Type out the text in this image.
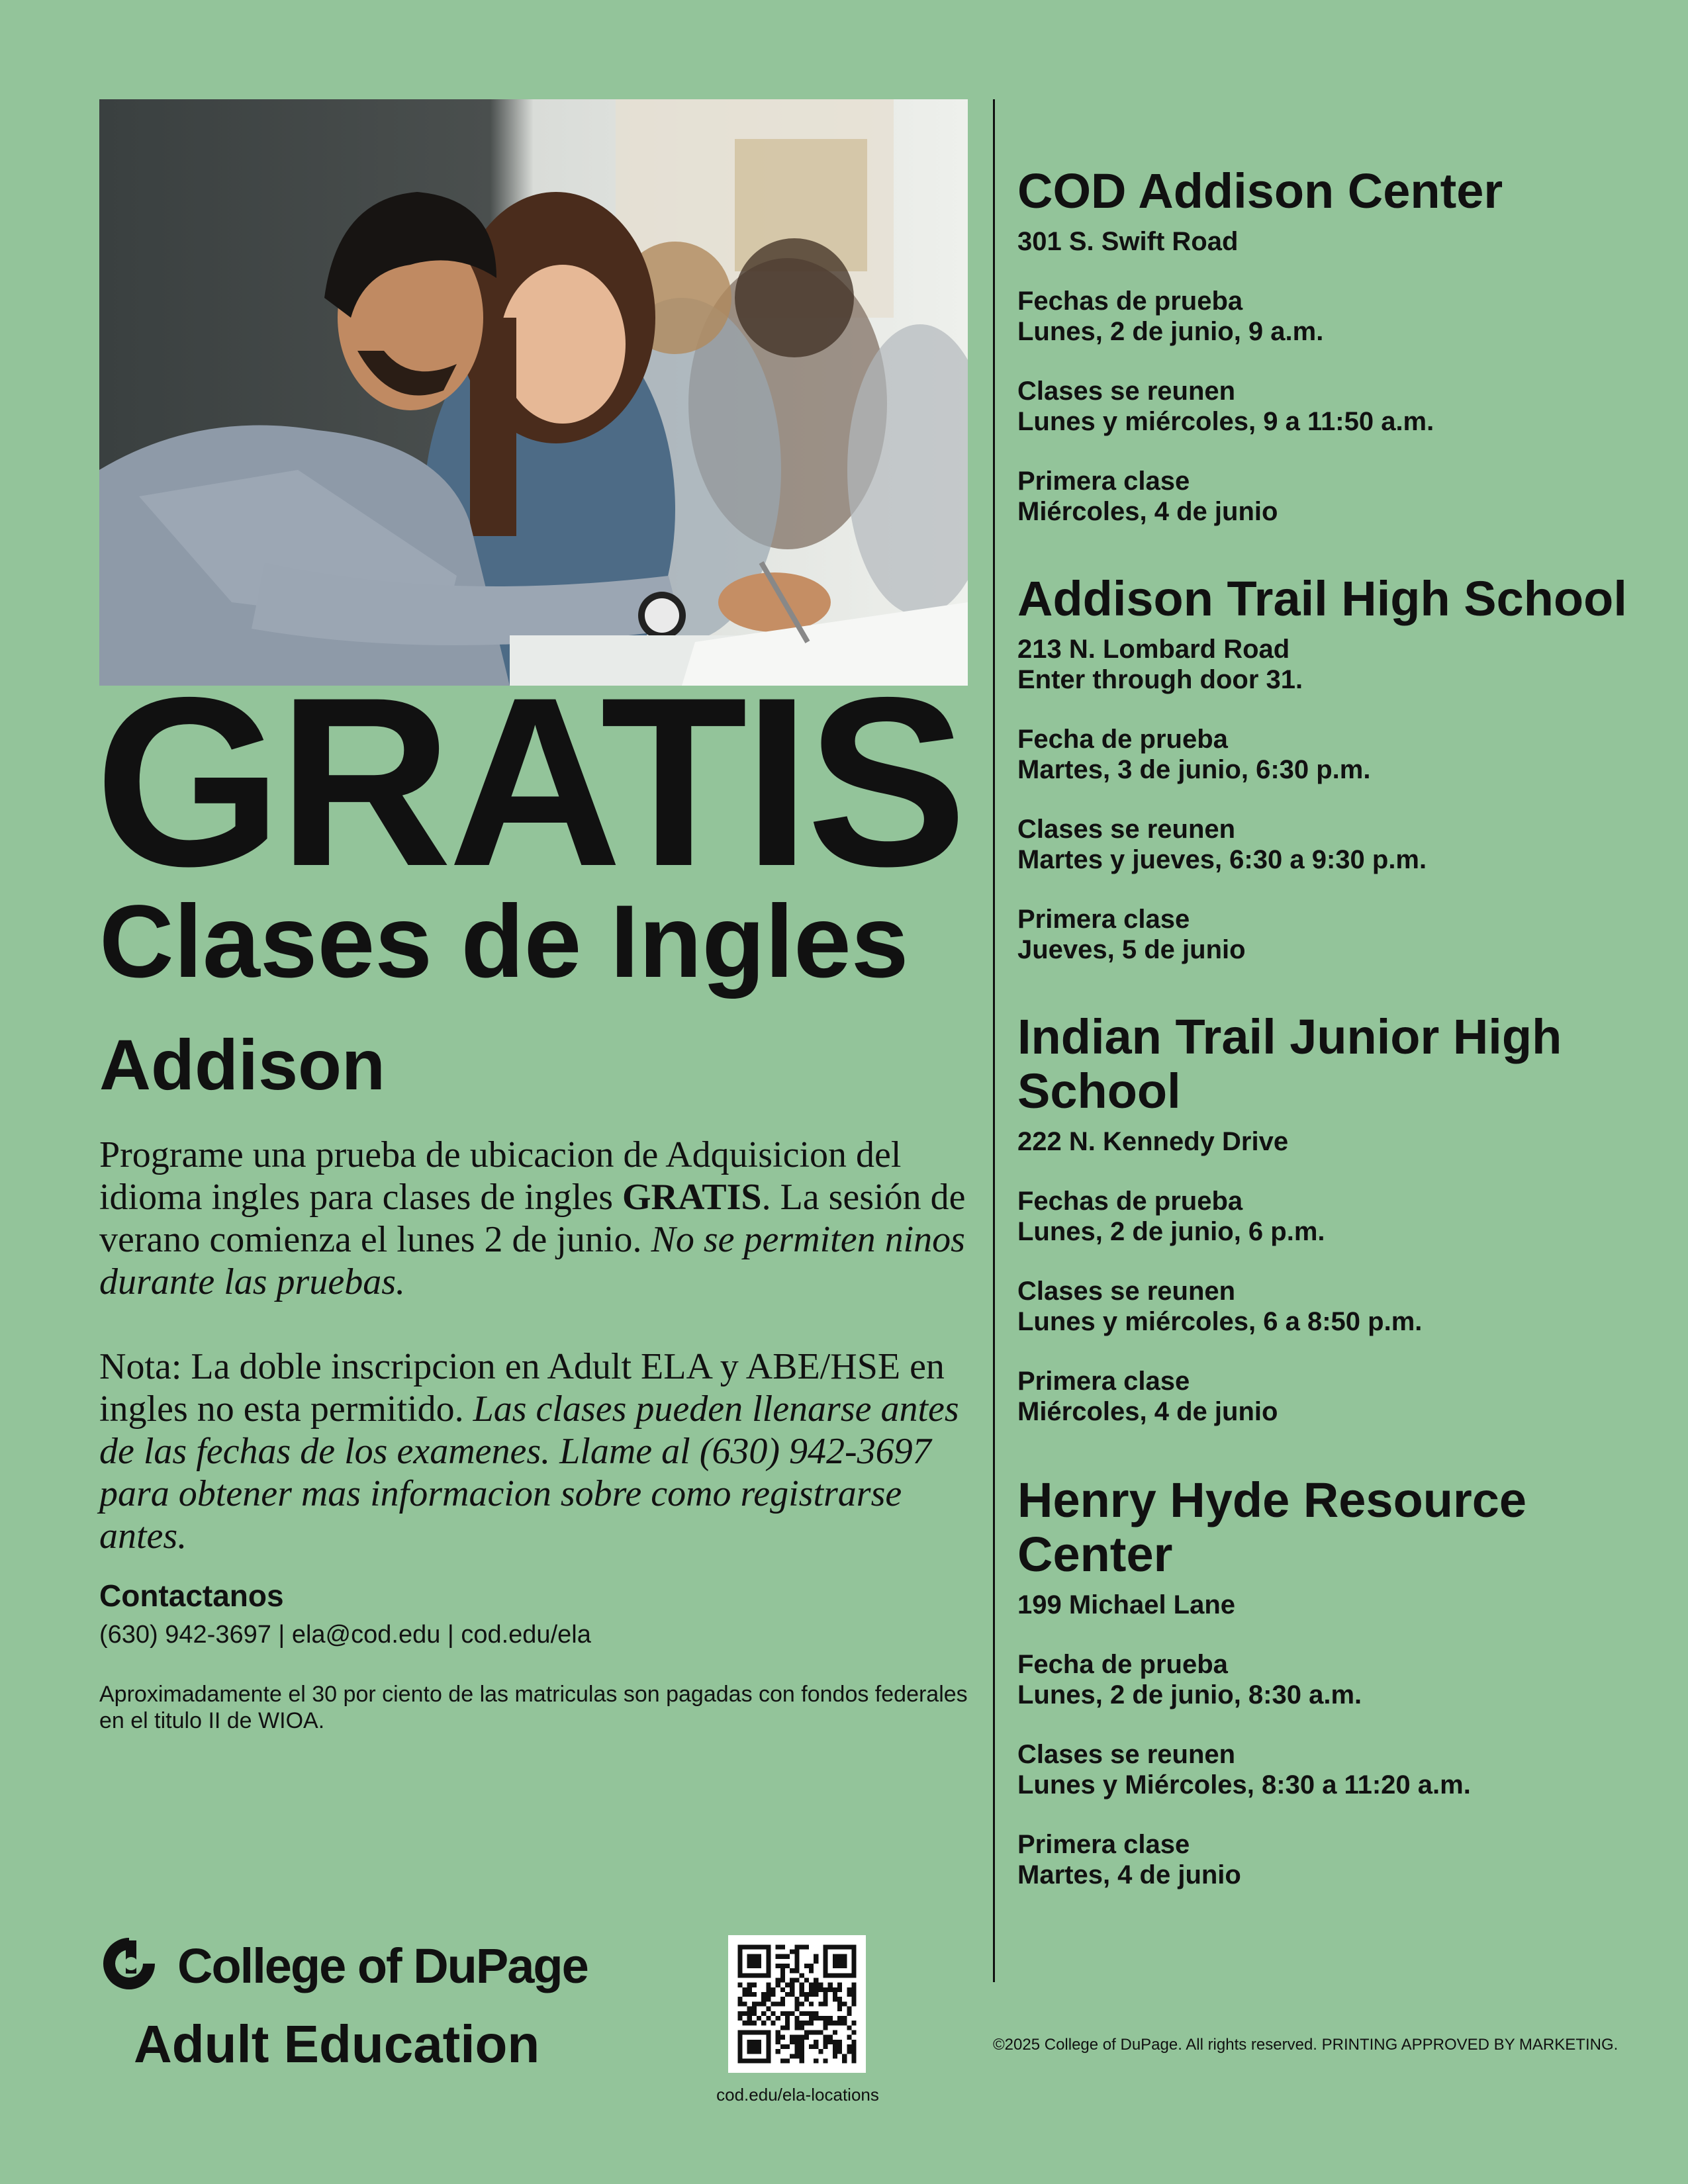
GRATIS
Clases de Ingles
Addison

Programe una prueba de ubicacion de Adquisicion del idioma ingles para clases de ingles GRATIS. La sesión de verano comienza el lunes 2 de junio. No se permiten ninos durante las pruebas.

Nota: La doble inscripcion en Adult ELA y ABE/HSE en ingles no esta permitido. Las clases pueden llenarse antes de las fechas de los examenes. Llame al (630) 942-3697 para obtener mas informacion sobre como registrarse antes.

Contactanos

(630) 942-3697 | ela@cod.edu | cod.edu/ela

Aproximadamente el 30 por ciento de las matriculas son pagadas con fondos federales en el titulo II de WIOA.

COD Addison Center

301 S. Swift Road

Fechas de prueba

Lunes, 2 de junio, 9 a.m.

Clases se reunen

Lunes y miércoles, 9 a 11:50 a.m.

Primera clase

Miércoles, 4 de junio

Addison Trail High School

213 N. Lombard Road

Enter through door 31.

Fecha de prueba

Martes, 3 de junio, 6:30 p.m.

Clases se reunen

Martes y jueves, 6:30 a 9:30 p.m.

Primera clase

Jueves, 5 de junio

Indian Trail Junior High School

222 N. Kennedy Drive

Fechas de prueba

Lunes, 2 de junio, 6 p.m.

Clases se reunen

Lunes y miércoles, 6 a 8:50 p.m.

Primera clase

Miércoles, 4 de junio

Henry Hyde Resource Center

199 Michael Lane

Fecha de prueba

Lunes, 2 de junio, 8:30 a.m.

Clases se reunen

Lunes y Miércoles, 8:30 a 11:20 a.m.

Primera clase

Martes, 4 de junio

College of DuPage

Adult Education

cod.edu/ela-locations

©2025 College of DuPage. All rights reserved. PRINTING APPROVED BY MARKETING.
